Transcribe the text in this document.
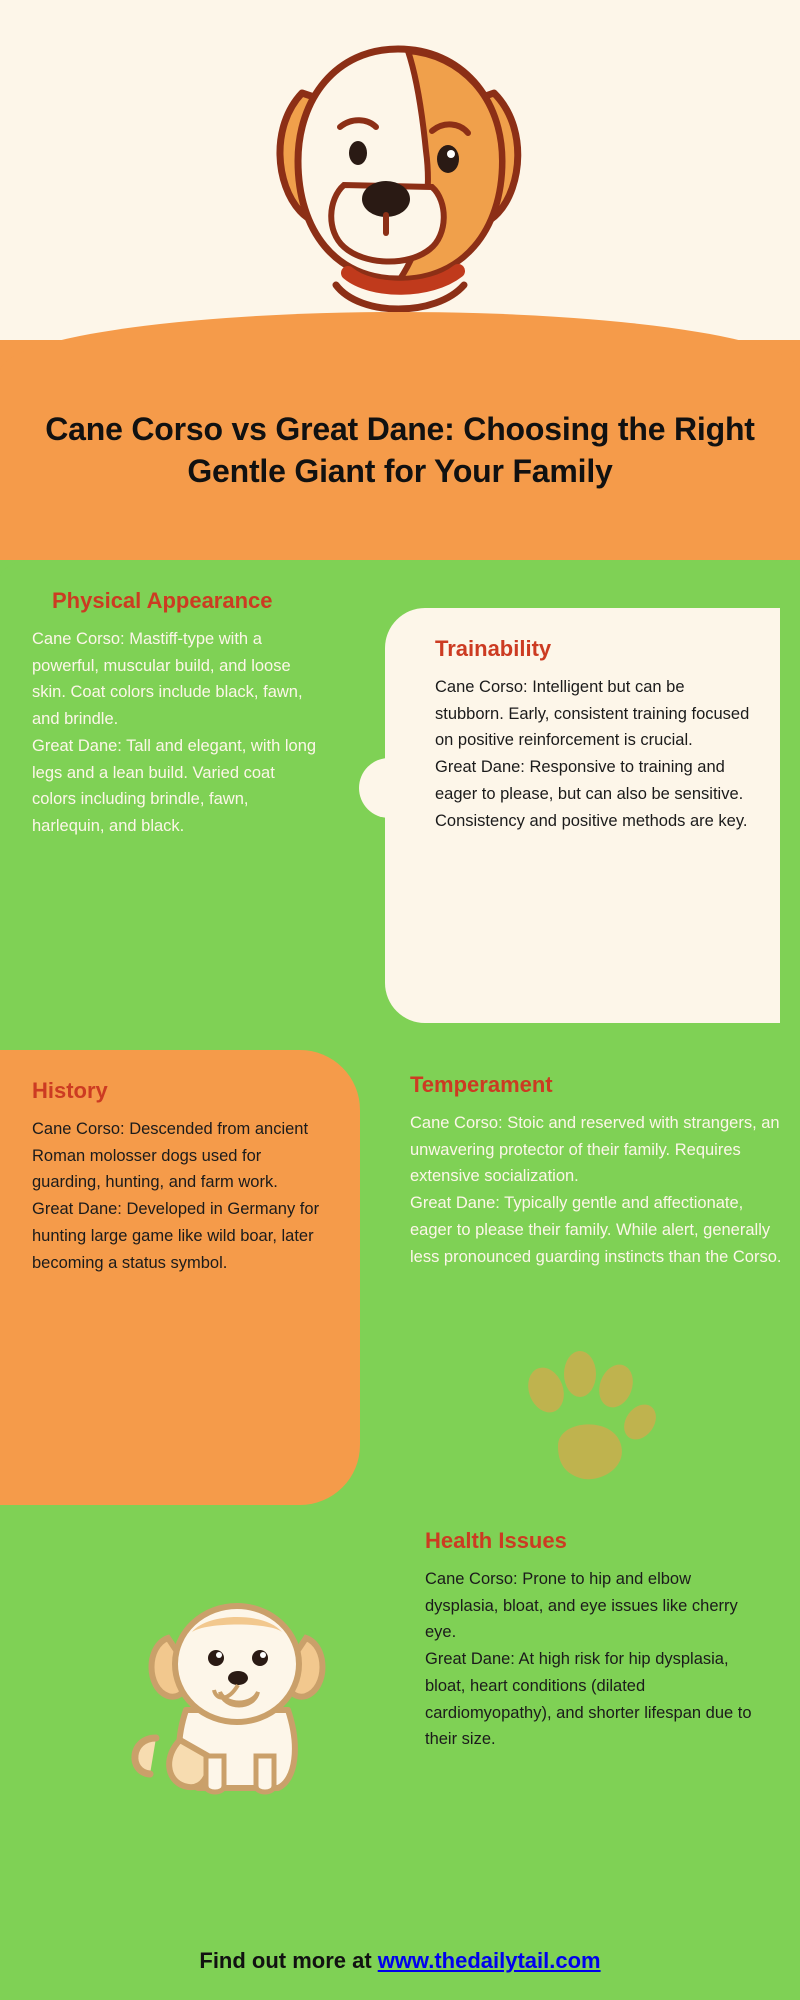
Cane Corso vs Great Dane: Choosing the Right Gentle Giant for Your Family
Physical Appearance

Cane Corso: Mastiff-type with a powerful, muscular build, and loose skin. Coat colors include black, fawn, and brindle.

Great Dane: Tall and elegant, with long legs and a lean build. Varied coat colors including brindle, fawn, harlequin, and black.

Trainability

Cane Corso: Intelligent but can be stubborn. Early, consistent training focused on positive reinforcement is crucial.

Great Dane: Responsive to training and eager to please, but can also be sensitive. Consistency and positive methods are key.

History

Cane Corso: Descended from ancient Roman molosser dogs used for guarding, hunting, and farm work.

Great Dane: Developed in Germany for hunting large game like wild boar, later becoming a status symbol.

Temperament

Cane Corso: Stoic and reserved with strangers, an unwavering protector of their family. Requires extensive socialization.

Great Dane: Typically gentle and affectionate, eager to please their family. While alert, generally less pronounced guarding instincts than the Corso.

Health Issues

Cane Corso: Prone to hip and elbow dysplasia, bloat, and eye issues like cherry eye.

Great Dane: At high risk for hip dysplasia, bloat, heart conditions (dilated cardiomyopathy), and shorter lifespan due to their size.

Find out more at www.thedailytail.com
